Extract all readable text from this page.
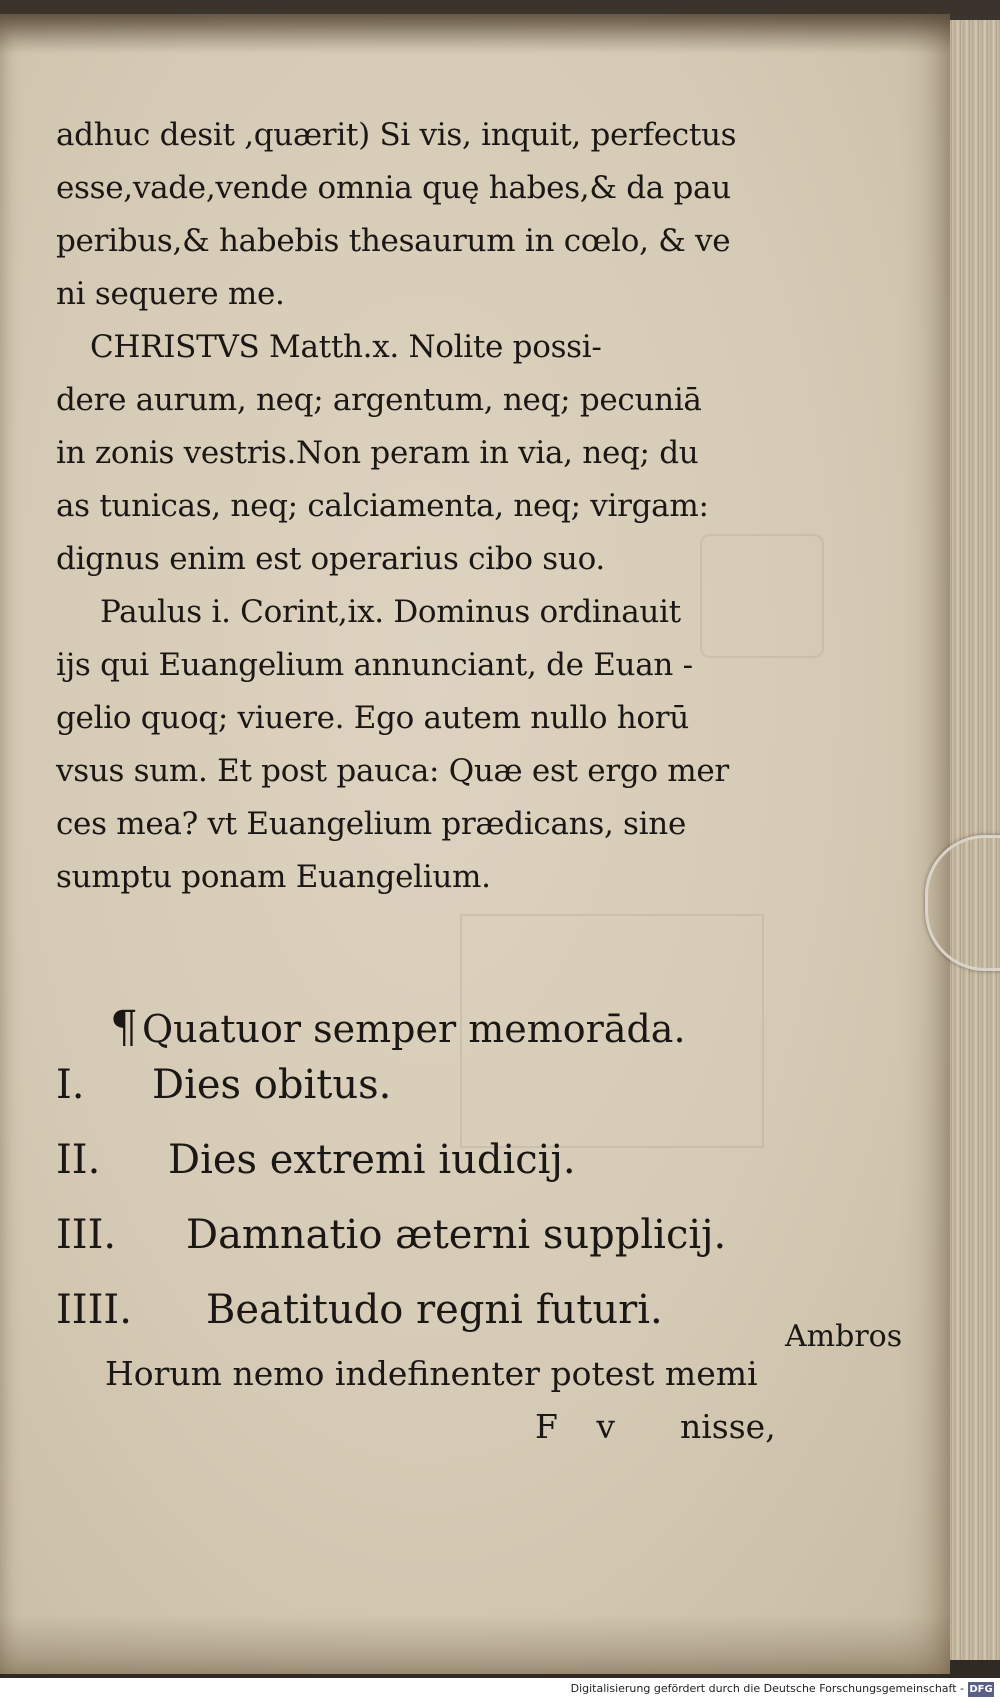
adhuc desit ,quærit) Si vis, inquit, perfectus
esse,vade,vende omnia quę habes,& da pau
peribus,& habebis thesaurum in cœlo, & ve
ni sequere me.
CHRISTVS Matth.x. Nolite possi-
dere aurum, neq; argentum, neq; pecuniā
in zonis vestris.Non peram in via, neq; du
as tunicas, neq; calciamenta, neq; virgam:
dignus enim est operarius cibo suo.
Paulus i. Corint,ix. Dominus ordinauit
ijs qui Euangelium annunciant, de Euan -
gelio quoq; viuere. Ego autem nullo horū
vsus sum. Et post pauca: Quæ est ergo mer
ces mea? vt Euangelium prædicans, sine
sumptu ponam Euangelium.
¶ Quatuor semper memorāda.
I. Dies obitus.
II. Dies extremi iudicij.
III. Damnatio æterni supplicij.
IIII. Beatitudo regni futuri.
Ambros
Horum nemo indefinenter potest memi
F v nisse,
Digitalisierung gefördert durch die Deutsche Forschungsgemeinschaft - DFG
